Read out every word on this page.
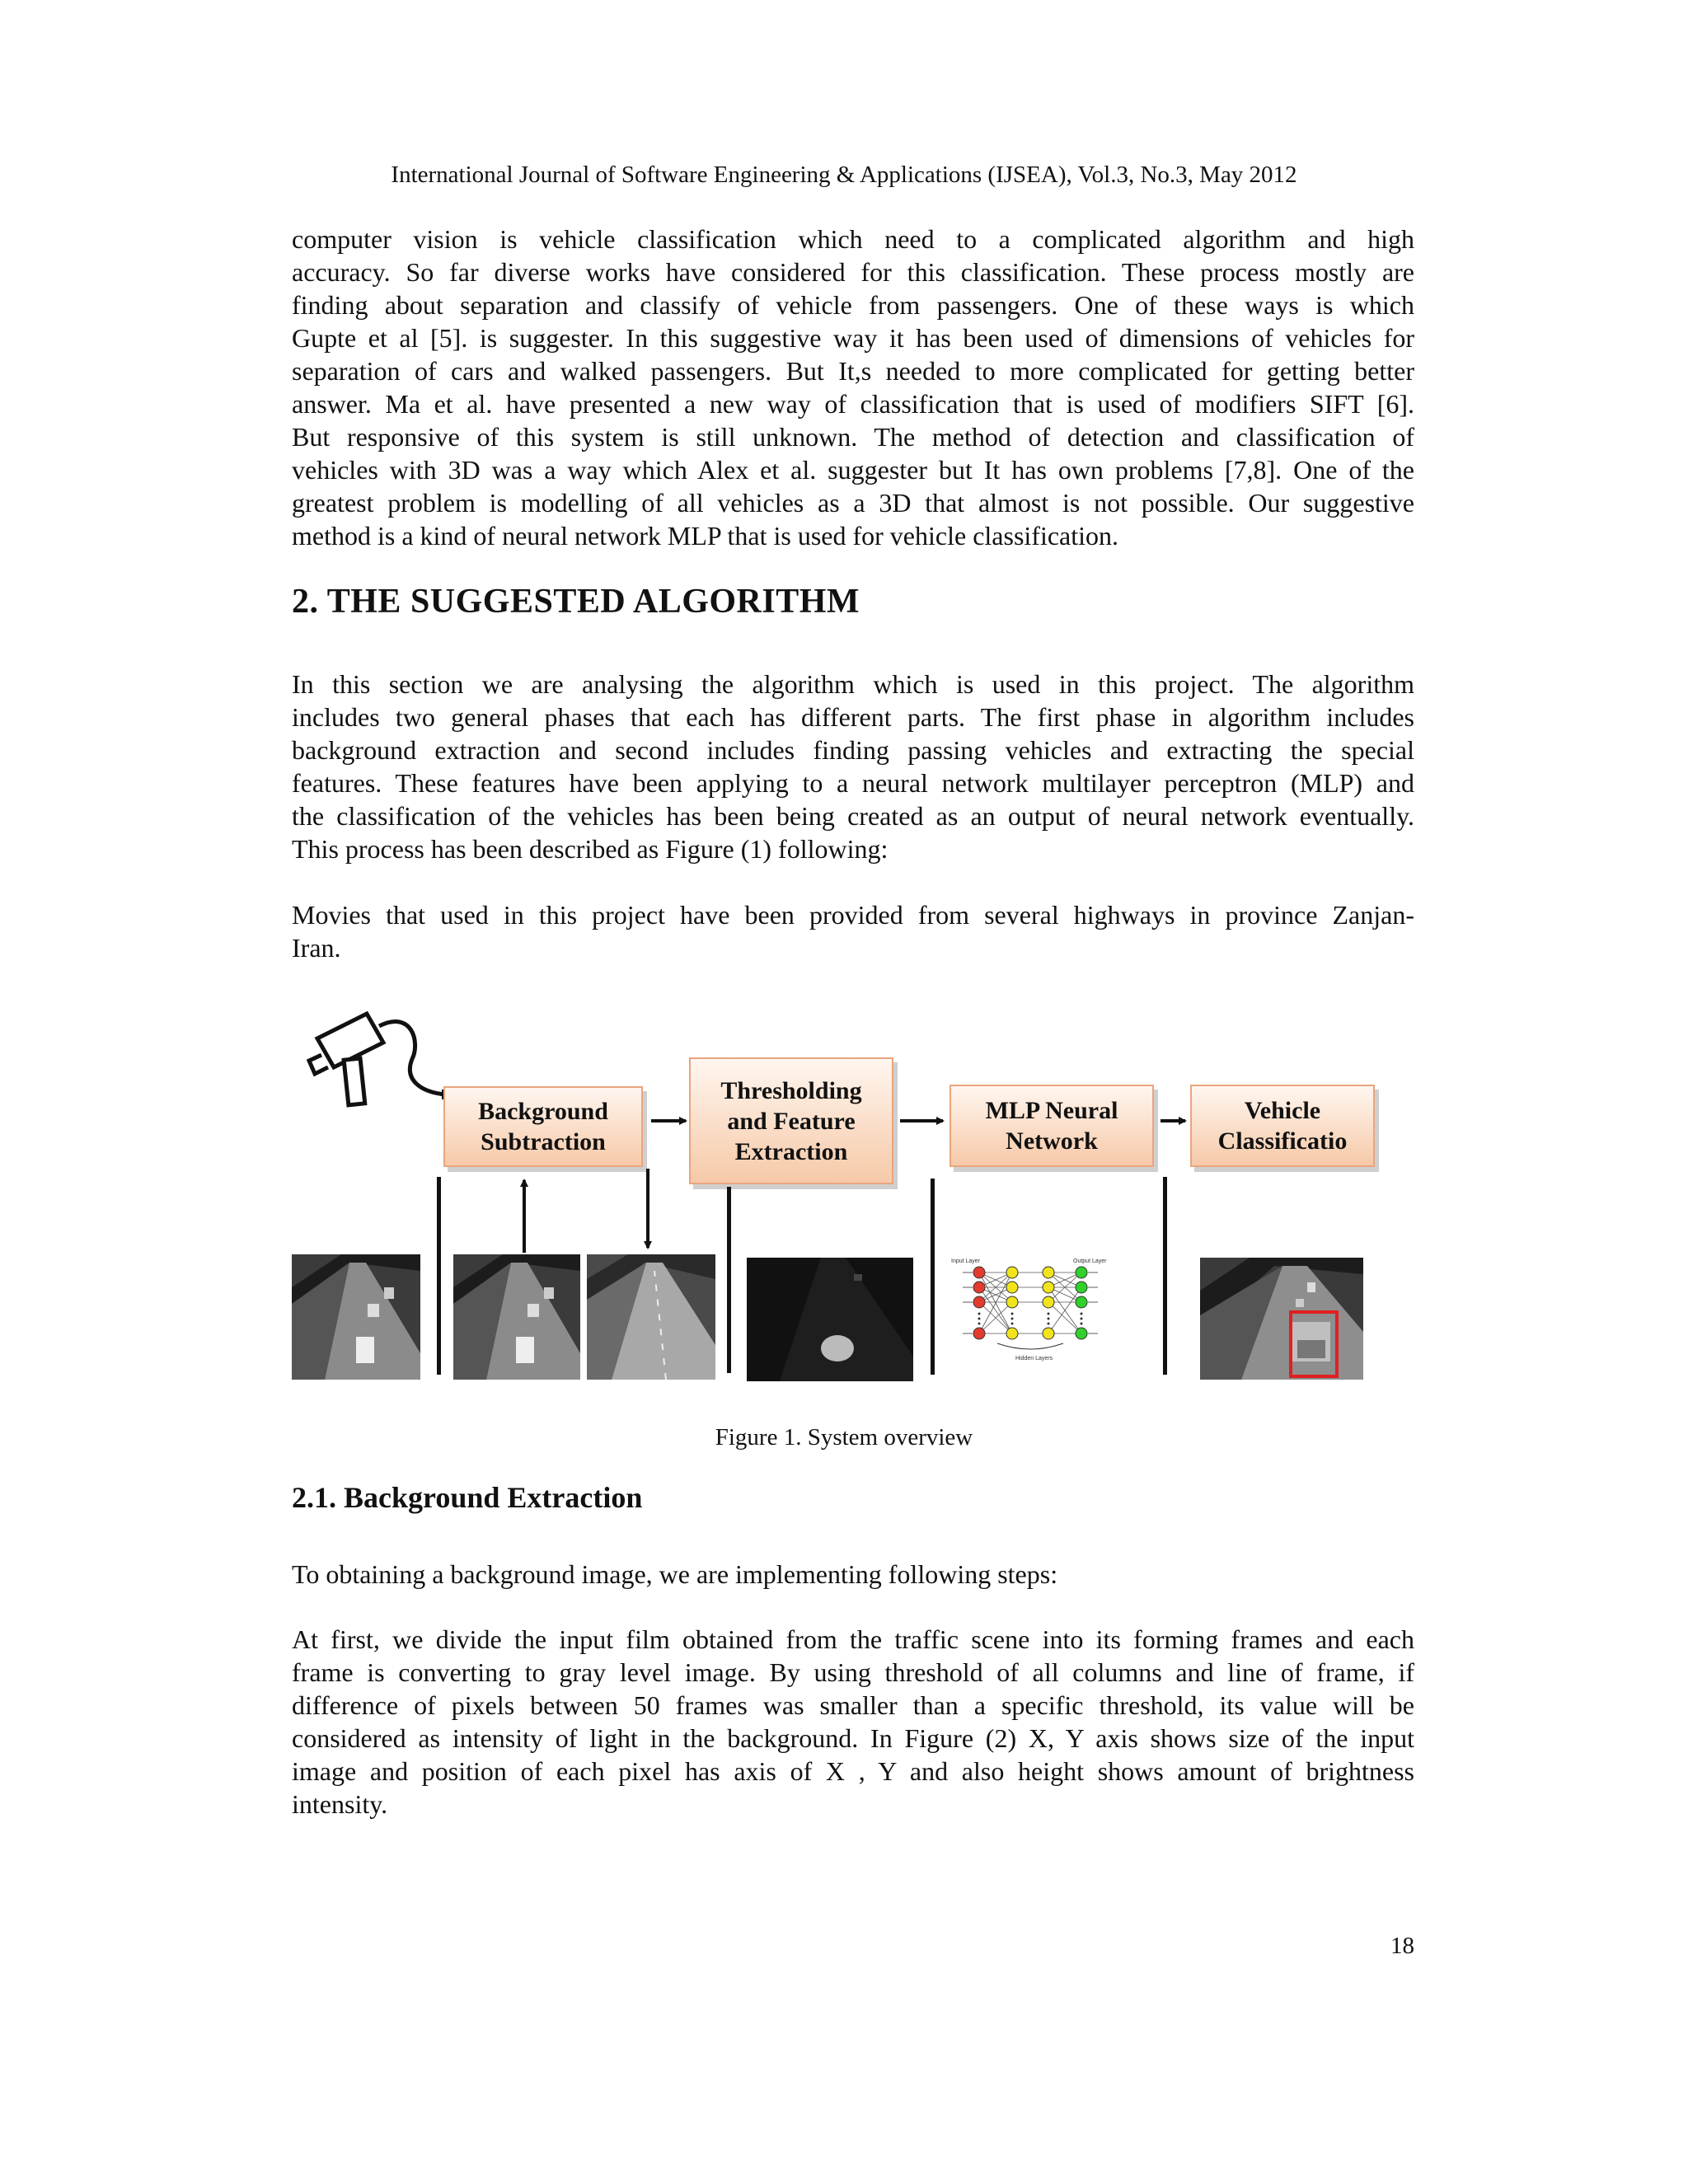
International Journal of Software Engineering & Applications (IJSEA), Vol.3, No.3, May 2012
computer vision is vehicle classification which need to a complicated algorithm and high
accuracy. So far diverse works have considered for this classification. These process mostly are
finding about separation and classify of vehicle from passengers. One of these ways is which
Gupte et al [5]. is suggester. In this suggestive way it has been used of dimensions of vehicles for
separation of cars and walked passengers. But It,s needed to more complicated for getting better
answer. Ma et al. have presented a new way of classification that is used of modifiers SIFT [6].
But responsive of this system is still unknown. The method of detection and classification of
vehicles with 3D was a way which Alex et al. suggester but It has own problems [7,8]. One of the
greatest problem is modelling of all vehicles as a 3D that almost is not possible. Our suggestive
method is a kind of neural network MLP that is used for vehicle classification.
2. THE SUGGESTED ALGORITHM
In this section we are analysing the algorithm which is used in this project. The algorithm
includes two general phases that each has different parts. The first phase in algorithm includes
background extraction and second includes finding passing vehicles and extracting the special
features. These features have been applying to a neural network multilayer perceptron (MLP) and
the classification of the vehicles has been being created as an output of neural network eventually.
This process has been described as Figure (1) following:
Movies that used in this project have been provided from several highways in province Zanjan-
Iran.
Background
Subtraction
Thresholding
and Feature
Extraction
MLP Neural
Network
Vehicle
Classificatio
Input Layer	Output Layer
Hidden Layers
Figure 1. System overview
2.1. Background Extraction
To obtaining a background image, we are implementing following steps:
At first, we divide the input film obtained from the traffic scene into its forming frames and each
frame is converting to gray level image. By using threshold of all columns and line of frame, if
difference of pixels between 50 frames was smaller than a specific threshold, its value will be
considered as intensity of light in the background. In Figure (2) X, Y axis shows size of the input
image and position of each pixel has axis of X , Y and also height shows amount of brightness
intensity.
18
